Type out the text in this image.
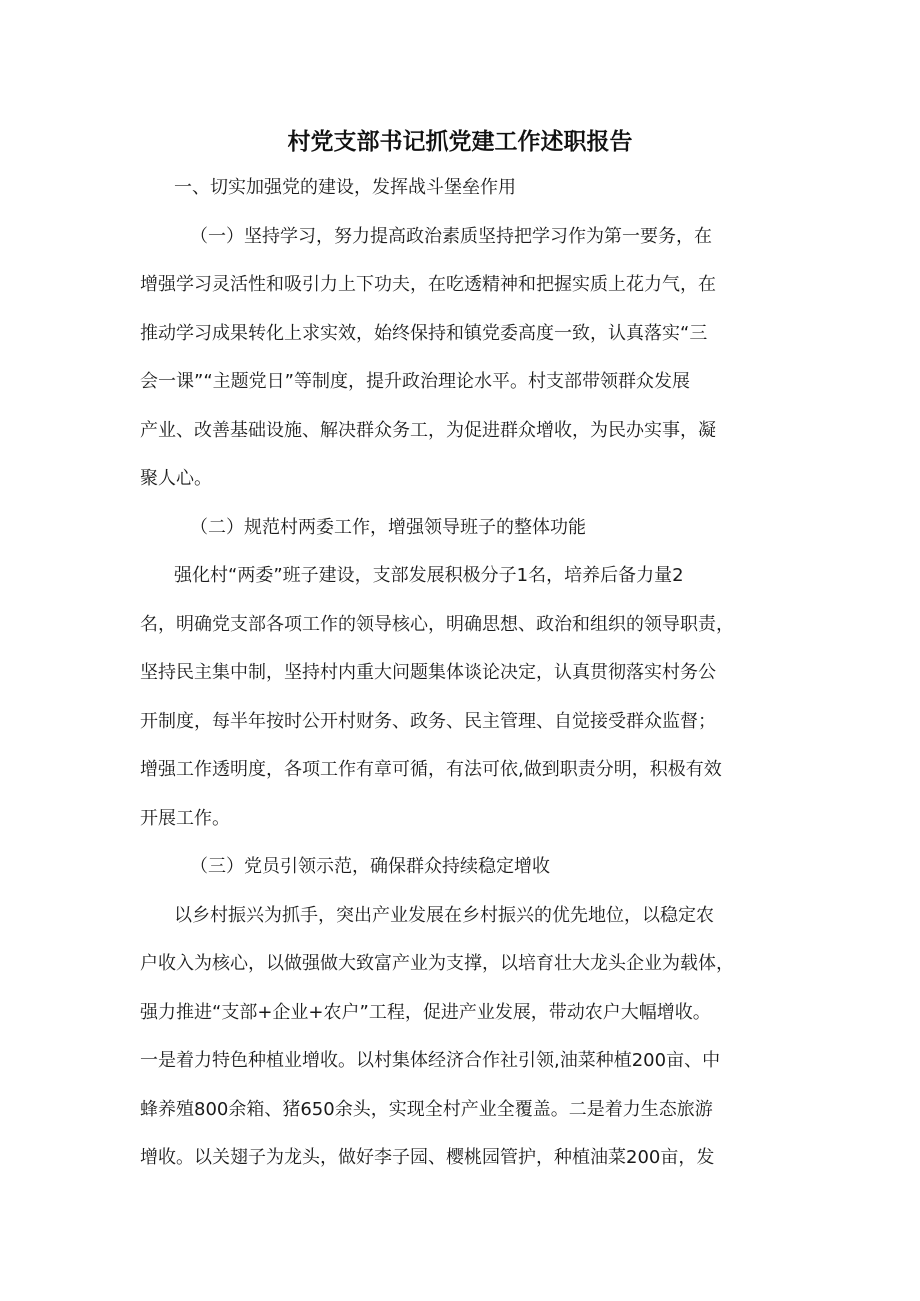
村党支部书记抓党建工作述职报告

一、切实加强党的建设，发挥战斗堡垒作用

（一）坚持学习，努力提高政治素质坚持把学习作为第一要务，在

增强学习灵活性和吸引力上下功夫，在吃透精神和把握实质上花力气，在

推动学习成果转化上求实效，始终保持和镇党委高度一致，认真落实“三

会一课”“主题党日”等制度，提升政治理论水平。村支部带领群众发展

产业、改善基础设施、解决群众务工，为促进群众增收，为民办实事，凝

聚人心。

（二）规范村两委工作，增强领导班子的整体功能

强化村“两委”班子建设，支部发展积极分子1名，培养后备力量2

名，明确党支部各项工作的领导核心，明确思想、政治和组织的领导职责，

坚持民主集中制，坚持村内重大问题集体谈论决定，认真贯彻落实村务公

开制度，每半年按时公开村财务、政务、民主管理、自觉接受群众监督；

增强工作透明度，各项工作有章可循，有法可依,做到职责分明，积极有效

开展工作。

（三）党员引领示范，确保群众持续稳定增收

以乡村振兴为抓手，突出产业发展在乡村振兴的优先地位，以稳定农

户收入为核心，以做强做大致富产业为支撑，以培育壮大龙头企业为载体，

强力推进“支部+企业+农户”工程，促进产业发展，带动农户大幅增收。

一是着力特色种植业增收。以村集体经济合作社引领,油菜种植200亩、中

蜂养殖800余箱、猪650余头，实现全村产业全覆盖。二是着力生态旅游

增收。以关翅子为龙头，做好李子园、樱桃园管护，种植油菜200亩，发
